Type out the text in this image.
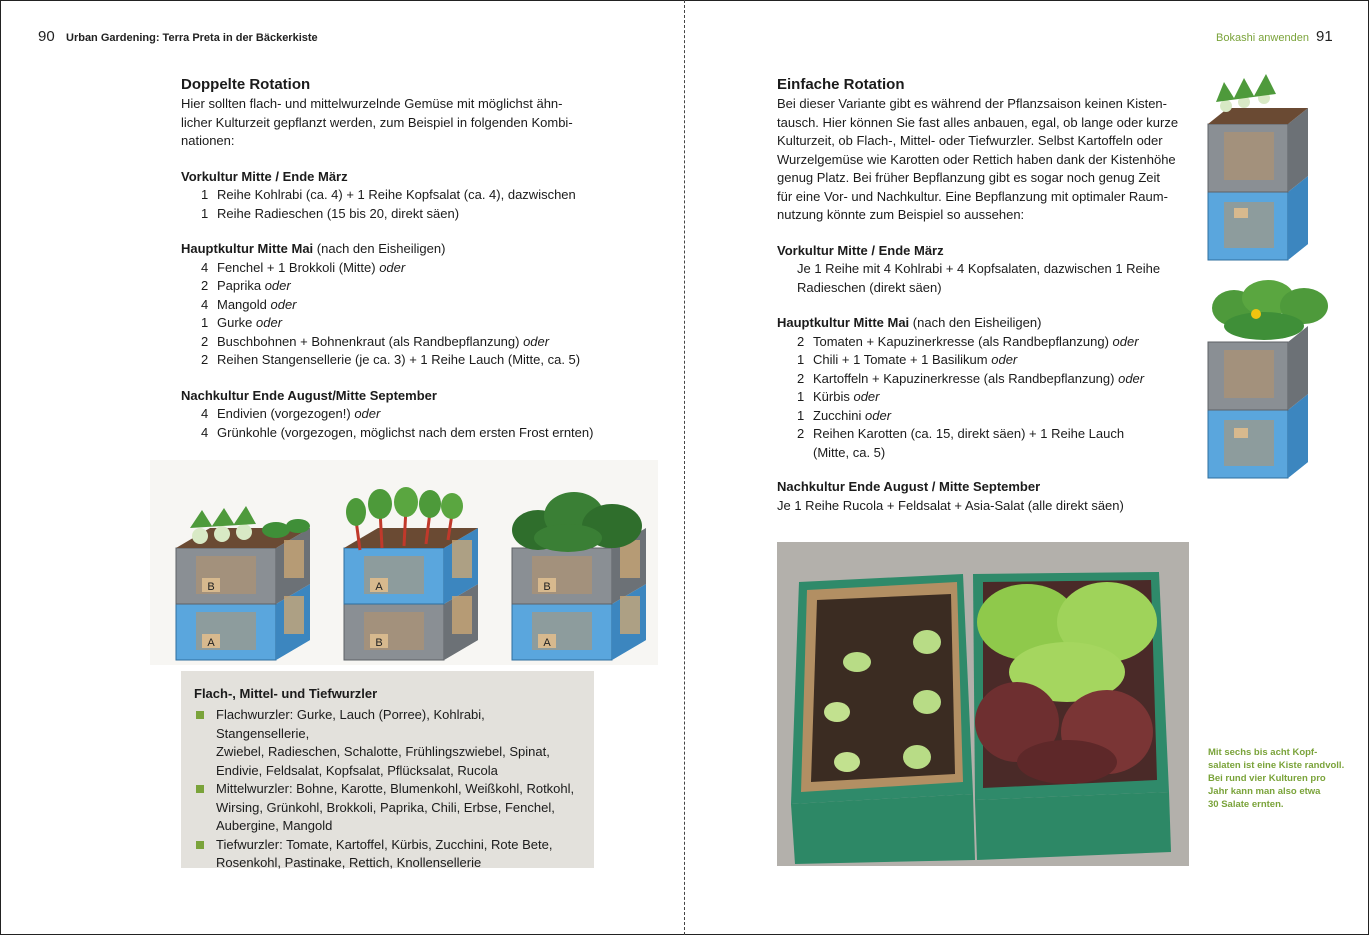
90 Urban Gardening: Terra Preta in der Bäckerkiste
Doppelte Rotation

Hier sollten flach- und mittelwurzelnde Gemüse mit möglichst ähn-

licher Kulturzeit gepflanzt werden, zum Beispiel in folgenden Kombi-

nationen:

Vorkultur Mitte / Ende März
1 Reihe Kohlrabi (ca. 4) + 1 Reihe Kopfsalat (ca. 4), dazwischen
1 Reihe Radieschen (15 bis 20, direkt säen)
Hauptkultur Mitte Mai (nach den Eisheiligen)
4 Fenchel + 1 Brokkoli (Mitte) oder
2 Paprika oder
4 Mangold oder
1 Gurke oder
2 Buschbohnen + Bohnenkraut (als Randbepflanzung) oder
2 Reihen Stangensellerie (je ca. 3) + 1 Reihe Lauch (Mitte, ca. 5)
Nachkultur Ende August/Mitte September
4 Endivien (vorgezogen!) oder
4 Grünkohle (vorgezogen, möglichst nach dem ersten Frost ernten)
B
A
A
B
B
A
Flach-, Mittel- und Tiefwurzler

Flachwurzler: Gurke, Lauch (Porree), Kohlrabi, Stangensellerie,

Zwiebel, Radieschen, Schalotte, Frühlingszwiebel, Spinat,

Endivie, Feldsalat, Kopfsalat, Pflücksalat, Rucola

Mittelwurzler: Bohne, Karotte, Blumenkohl, Weißkohl, Rotkohl,

Wirsing, Grünkohl, Brokkoli, Paprika, Chili, Erbse, Fenchel,

Aubergine, Mangold

Tiefwurzler: Tomate, Kartoffel, Kürbis, Zucchini, Rote Bete,

Rosenkohl, Pastinake, Rettich, Knollensellerie

Bokashi anwenden 91
Einfache Rotation

Bei dieser Variante gibt es während der Pflanzsaison keinen Kisten-

tausch. Hier können Sie fast alles anbauen, egal, ob lange oder kurze

Kulturzeit, ob Flach-, Mittel- oder Tiefwurzler. Selbst Kartoffeln oder

Wurzelgemüse wie Karotten oder Rettich haben dank der Kistenhöhe

genug Platz. Bei früher Bepflanzung gibt es sogar noch genug Zeit

für eine Vor- und Nachkultur. Eine Bepflanzung mit optimaler Raum-

nutzung könnte zum Beispiel so aussehen:

Vorkultur Mitte / Ende März

Je 1 Reihe mit 4 Kohlrabi + 4 Kopfsalaten, dazwischen 1 Reihe

Radieschen (direkt säen)

Hauptkultur Mitte Mai (nach den Eisheiligen)
2 Tomaten + Kapuzinerkresse (als Randbepflanzung) oder
1 Chili + 1 Tomate + 1 Basilikum oder
2 Kartoffeln + Kapuzinerkresse (als Randbepflanzung) oder
1 Kürbis oder
1 Zucchini oder
2 Reihen Karotten (ca. 15, direkt säen) + 1 Reihe Lauch
(Mitte, ca. 5)
Nachkultur Ende August / Mitte September
Je 1 Reihe Rucola + Feldsalat + Asia-Salat (alle direkt säen)

Mit sechs bis acht Kopf-

salaten ist eine Kiste randvoll.

Bei rund vier Kulturen pro

Jahr kann man also etwa

30 Salate ernten.
